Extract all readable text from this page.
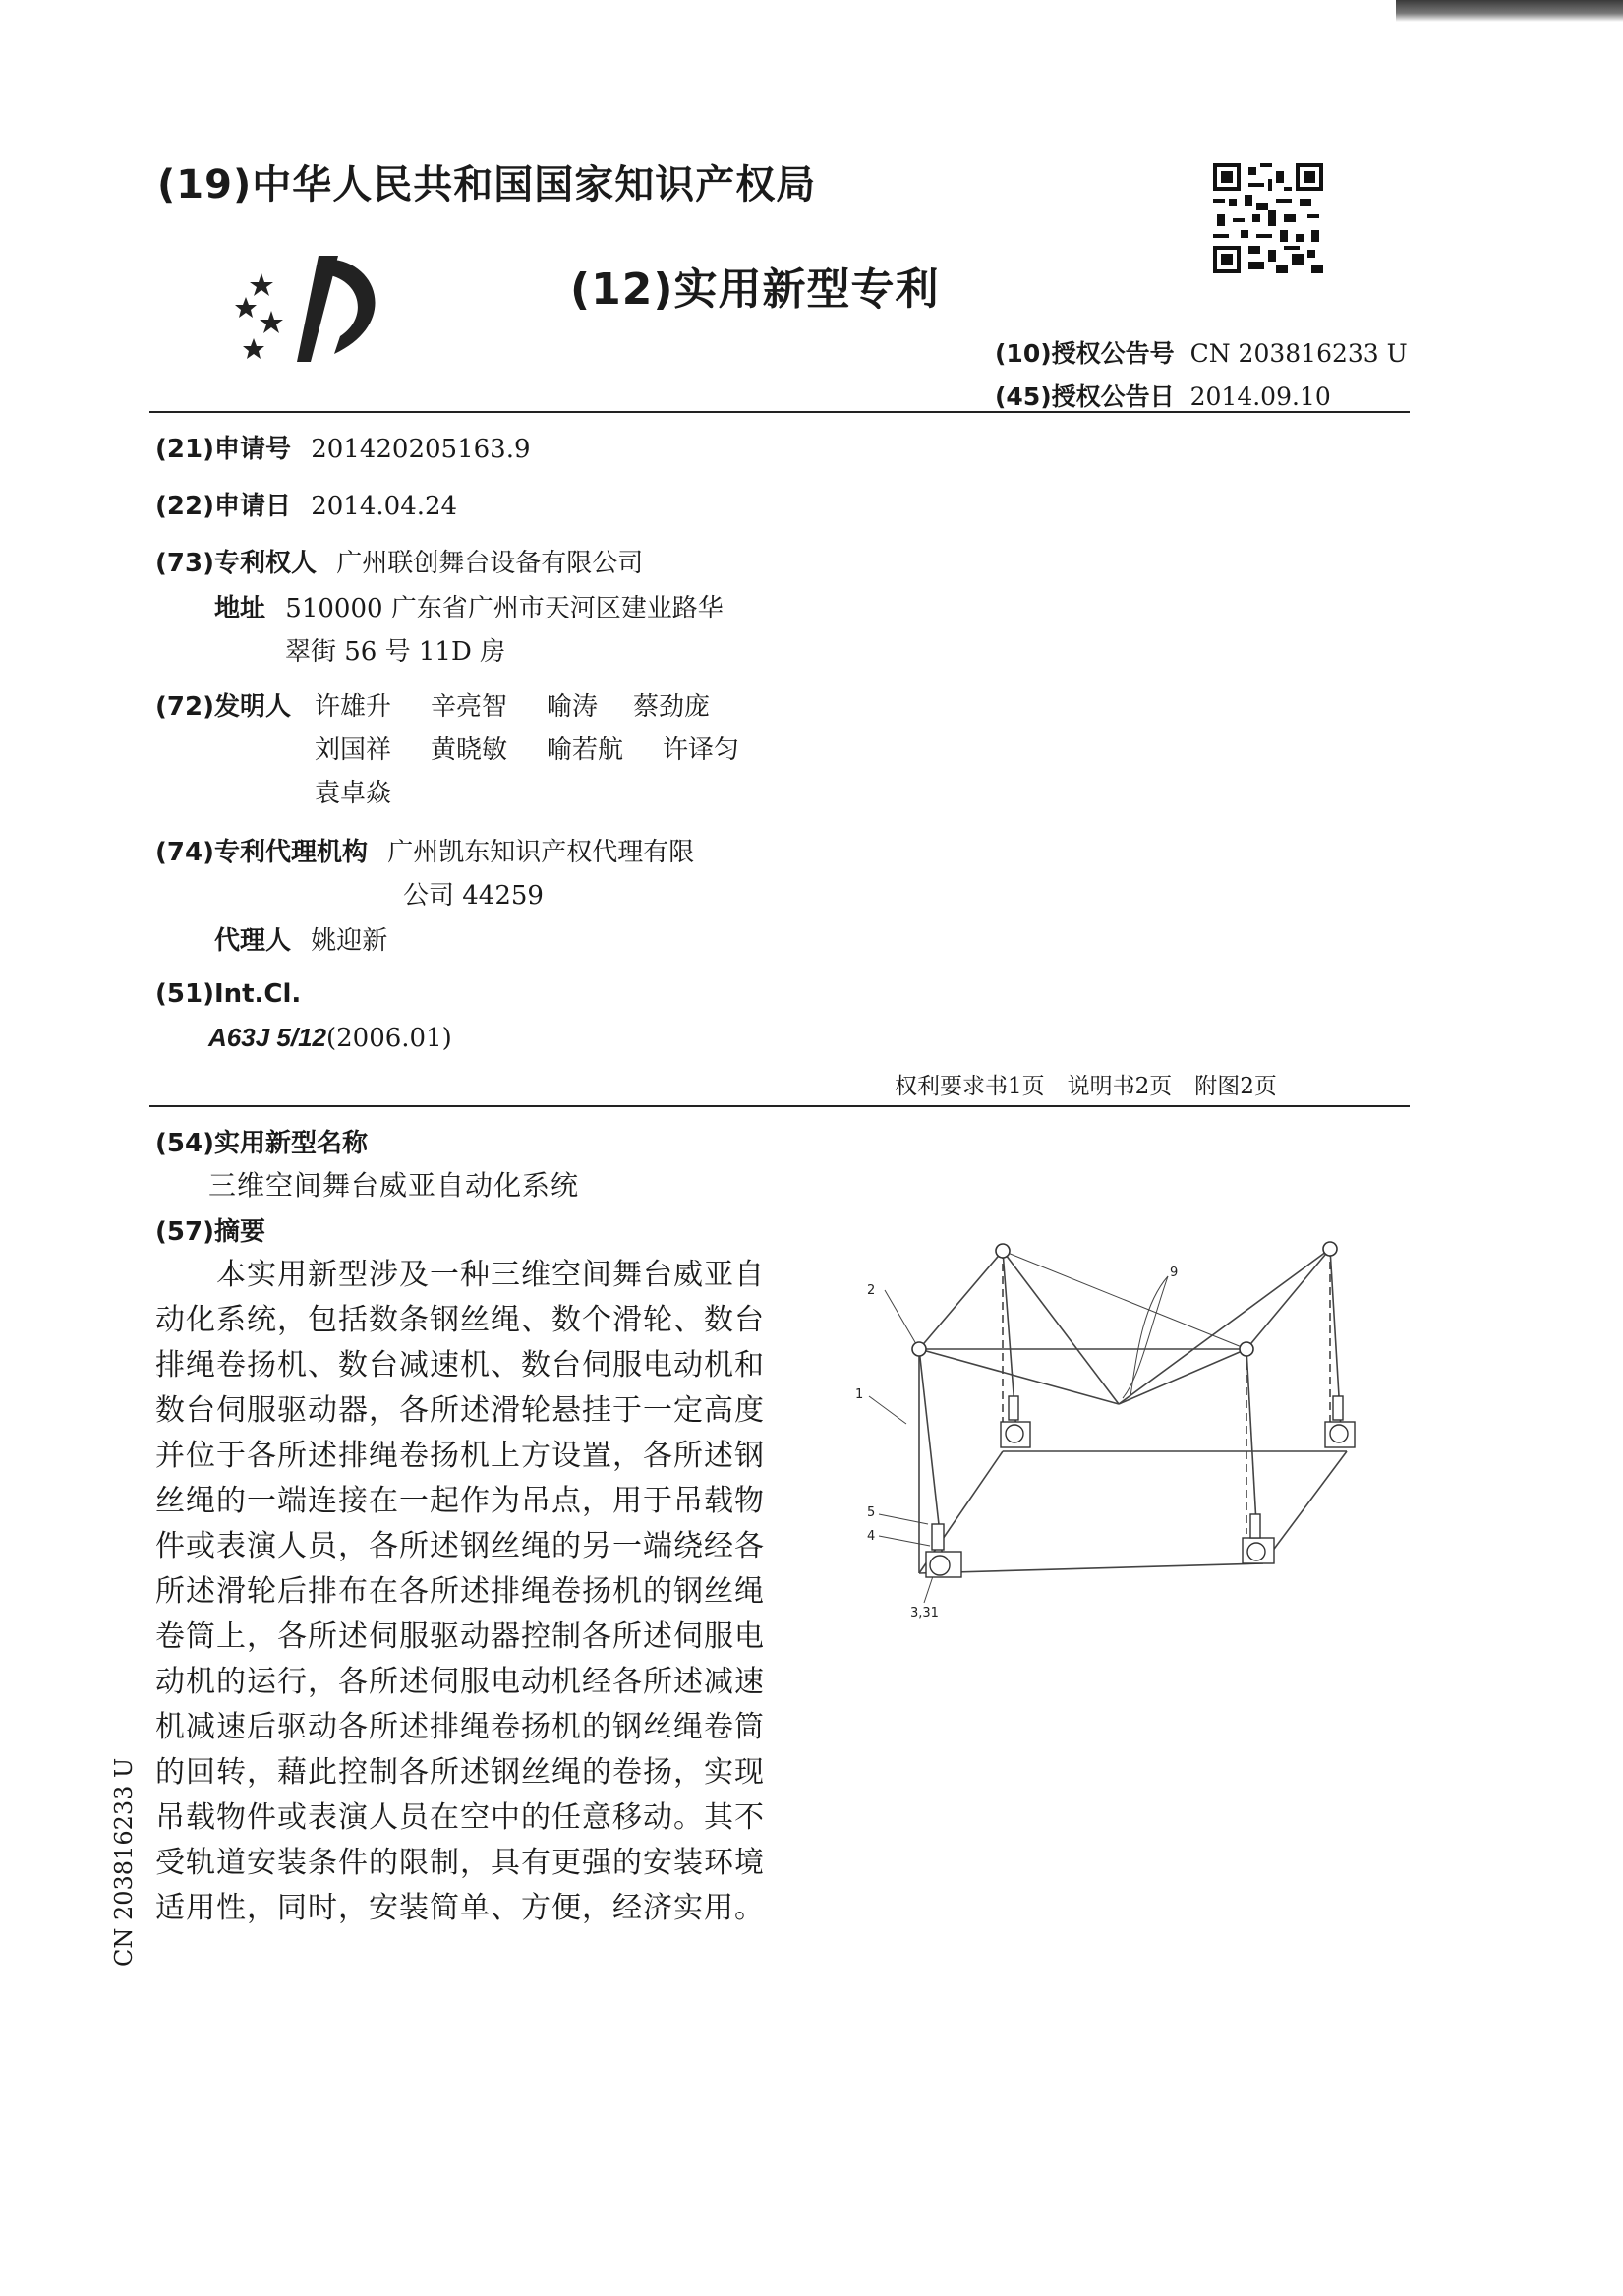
(19)中华人民共和国国家知识产权局
(12)实用新型专利
(10)授权公告号 CN 203816233 U
(45)授权公告日 2014.09.10
(21)申请号 201420205163.9
(22)申请日 2014.04.24
(73)专利权人 广州联创舞台设备有限公司
地址 510000 广东省广州市天河区建业路华
翠街 56 号 11D 房
(72)发明人 许雄升 辛亮智 喻涛 蔡劲庞
刘国祥 黄晓敏 喻若航 许译匀
袁卓焱
(74)专利代理机构 广州凯东知识产权代理有限
公司 44259
代理人 姚迎新
(51)Int.Cl.
A63J 5/12(2006.01)
权利要求书1页　说明书2页　附图2页
(54)实用新型名称
三维空间舞台威亚自动化系统
(57)摘要
本实用新型涉及一种三维空间舞台威亚自动化系统，包括数条钢丝绳、数个滑轮、数台排绳卷扬机、数台减速机、数台伺服电动机和数台伺服驱动器，各所述滑轮悬挂于一定高度并位于各所述排绳卷扬机上方设置，各所述钢丝绳的一端连接在一起作为吊点，用于吊载物件或表演人员，各所述钢丝绳的另一端绕经各所述滑轮后排布在各所述排绳卷扬机的钢丝绳卷筒上，各所述伺服驱动器控制各所述伺服电动机的运行，各所述伺服电动机经各所述减速机减速后驱动各所述排绳卷扬机的钢丝绳卷筒的回转，藉此控制各所述钢丝绳的卷扬，实现吊载物件或表演人员在空中的任意移动。其不受轨道安装条件的限制，具有更强的安装环境适用性，同时，安装简单、方便，经济实用。
2
9
1
5
4
3,31
CN 203816233 U
